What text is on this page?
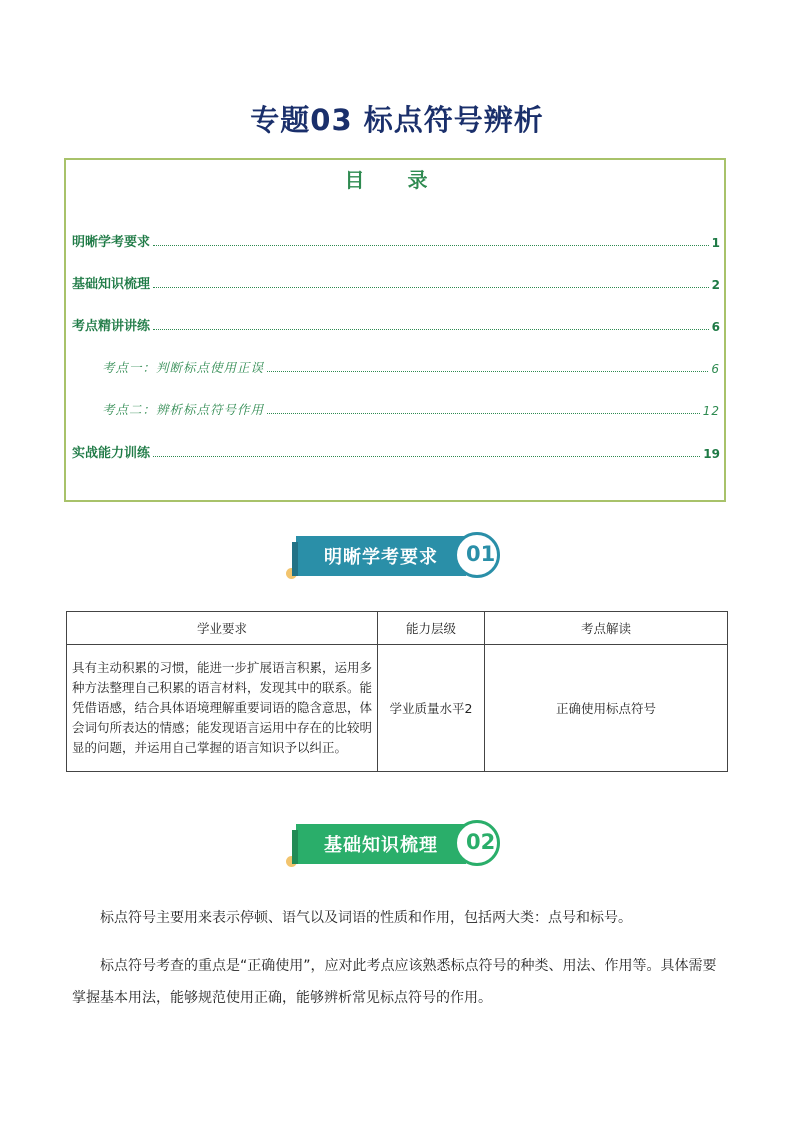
专题03 标点符号辨析
目 录
明晰学考要求	1
基础知识梳理	2
考点精讲讲练	6
考点一：判断标点使用正误	6
考点二：辨析标点符号作用	12
实战能力训练	19
明晰学考要求	01
学业要求	能力层级	考点解读
具有主动积累的习惯，能进一步扩展语言积累，运用多种方法整理自己积累的语言材料，发现其中的联系。能凭借语感，结合具体语境理解重要词语的隐含意思，体会词句所表达的情感；能发现语言运用中存在的比较明显的问题，并运用自己掌握的语言知识予以纠正。	学业质量水平2	正确使用标点符号
基础知识梳理	02

标点符号主要用来表示停顿、语气以及词语的性质和作用，包括两大类：点号和标号。

标点符号考查的重点是“正确使用”，应对此考点应该熟悉标点符号的种类、用法、作用等。具体需要掌握基本用法，能够规范使用正确，能够辨析常见标点符号的作用。
